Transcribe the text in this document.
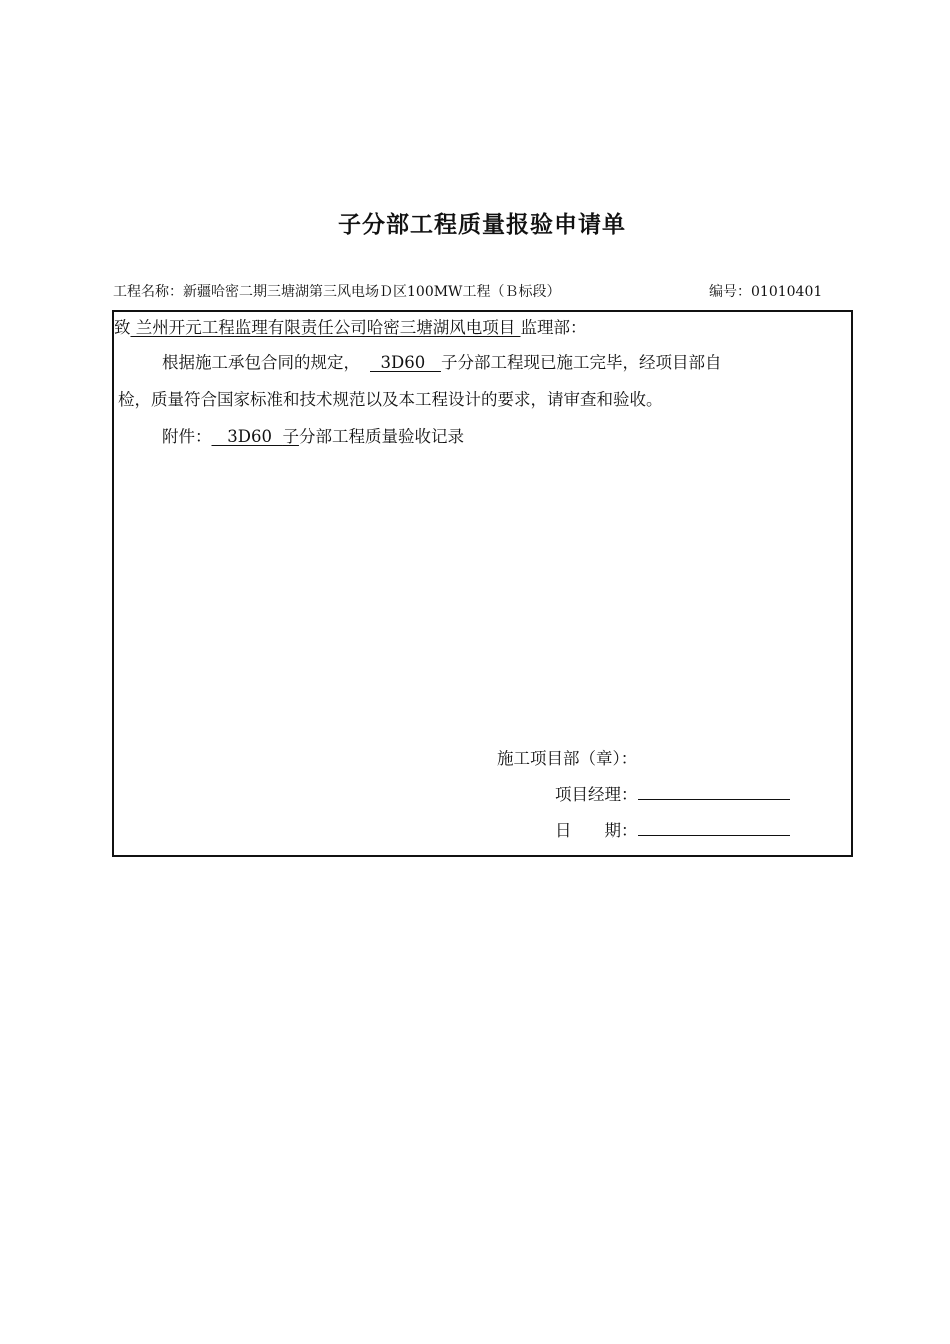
子分部工程质量报验申请单
工程名称：新疆哈密二期三塘湖第三风电场Ｄ区100MW工程（Ｂ标段）	编号：01010401
致 兰州开元工程监理有限责任公司哈密三塘湖风电项目 监理部：
根据施工承包合同的规定，  3D60   子分部工程现已施工完毕，经项目部自
检，质量符合国家标准和技术规范以及本工程设计的要求，请审查和验收。
附件：   3D60  子分部工程质量验收记录
施工项目部（章）：
项目经理：
日　　期：
